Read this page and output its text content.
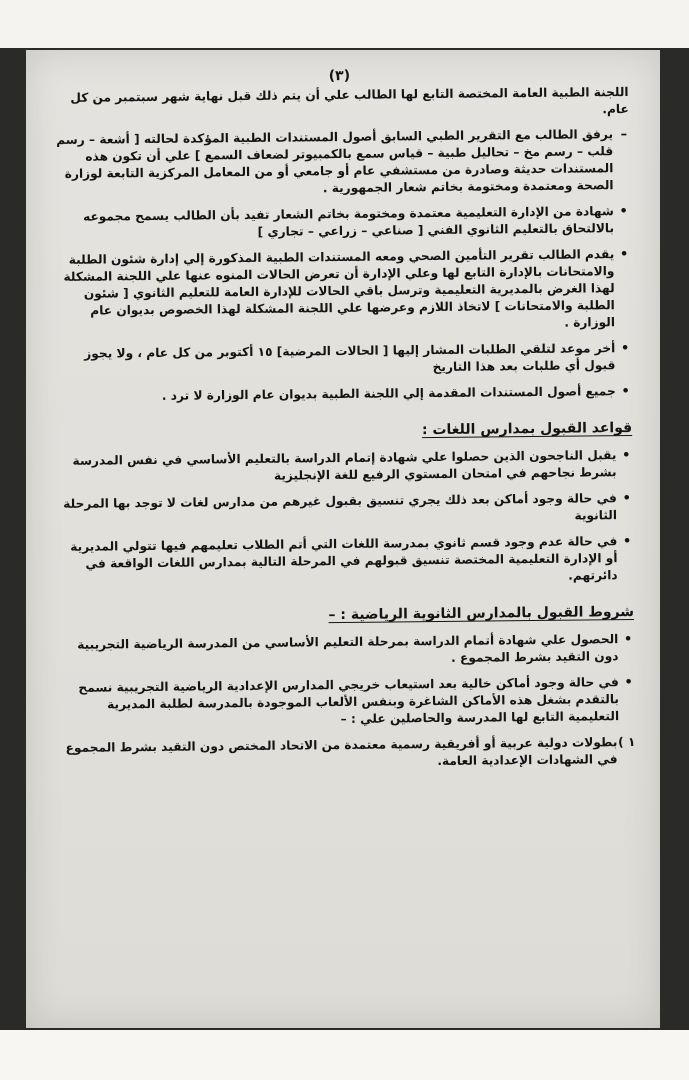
(٣)

اللجنة الطبية العامة المختصة التابع لها الطالب علي أن يتم ذلك قبل نهاية شهر سبتمبر من كل عام.

– يرفق الطالب مع التقرير الطبي السابق أصول المستندات الطبية المؤكدة لحالته [ أشعة – رسم قلب – رسم مخ – تحاليل طبية – قياس سمع بالكمبيوتر لضعاف السمع ] علي أن تكون هذه المستندات حديثة وصادرة من مستشفي عام أو جامعي أو من المعامل المركزية التابعة لوزارة الصحة ومعتمدة ومختومة بخاتم شعار الجمهورية .
• شهادة من الإدارة التعليمية معتمدة ومختومة بخاتم الشعار تفيد بأن الطالب يسمح مجموعه بالالتحاق بالتعليم الثانوي الفني [ صناعي – زراعي – تجاري ]
• يقدم الطالب تقرير التأمين الصحي ومعه المستندات الطبية المذكورة إلي إدارة شئون الطلبة والامتحانات بالإدارة التابع لها وعلي الإدارة أن تعرض الحالات المنوه عنها علي اللجنة المشكلة لهذا الغرض بالمديرية التعليمية وترسل باقي الحالات للإدارة العامة للتعليم الثانوي [ شئون الطلبة والامتحانات ] لاتخاذ اللازم وعرضها علي اللجنة المشكلة لهذا الخصوص بديوان عام الوزارة .
• أخر موعد لتلقي الطلبات المشار إليها [ الحالات المرضية] ١٥ أكتوبر من كل عام ، ولا يجوز قبول أي طلبات بعد هذا التاريخ
• جميع أصول المستندات المقدمة إلي اللجنة الطبية بديوان عام الوزارة لا ترد .
قواعد القبول بمدارس اللغات :
• يقبل الناجحون الذين حصلوا علي شهادة إتمام الدراسة بالتعليم الأساسي في نفس المدرسة بشرط نجاحهم في امتحان المستوي الرفيع للغة الإنجليزية
• في حالة وجود أماكن بعد ذلك يجري تنسيق بقبول غيرهم من مدارس لغات لا توجد بها المرحلة الثانوية
• في حالة عدم وجود قسم ثانوي بمدرسة اللغات التي أتم الطلاب تعليمهم فيها تتولي المديرية أو الإدارة التعليمية المختصة تنسيق قبولهم في المرحلة التالية بمدارس اللغات الواقعة في دائرتهم.
شروط القبول بالمدارس الثانوية الرياضية : –
• الحصول علي شهادة أتمام الدراسة بمرحلة التعليم الأساسي من المدرسة الرياضية التجريبية دون التقيد بشرط المجموع .
• في حالة وجود أماكن خالية بعد استيعاب خريجي المدارس الإعدادية الرياضية التجريبية نسمح بالتقدم بشغل هذه الأماكن الشاغرة وبنفس الألعاب الموجودة بالمدرسة لطلبة المديرية التعليمية التابع لها المدرسة والحاصلين علي : –
١ )
بطولات دولية عربية أو أفريقية رسمية معتمدة من الاتحاد المختص دون التقيد بشرط المجموع في الشهادات الإعدادية العامة.
